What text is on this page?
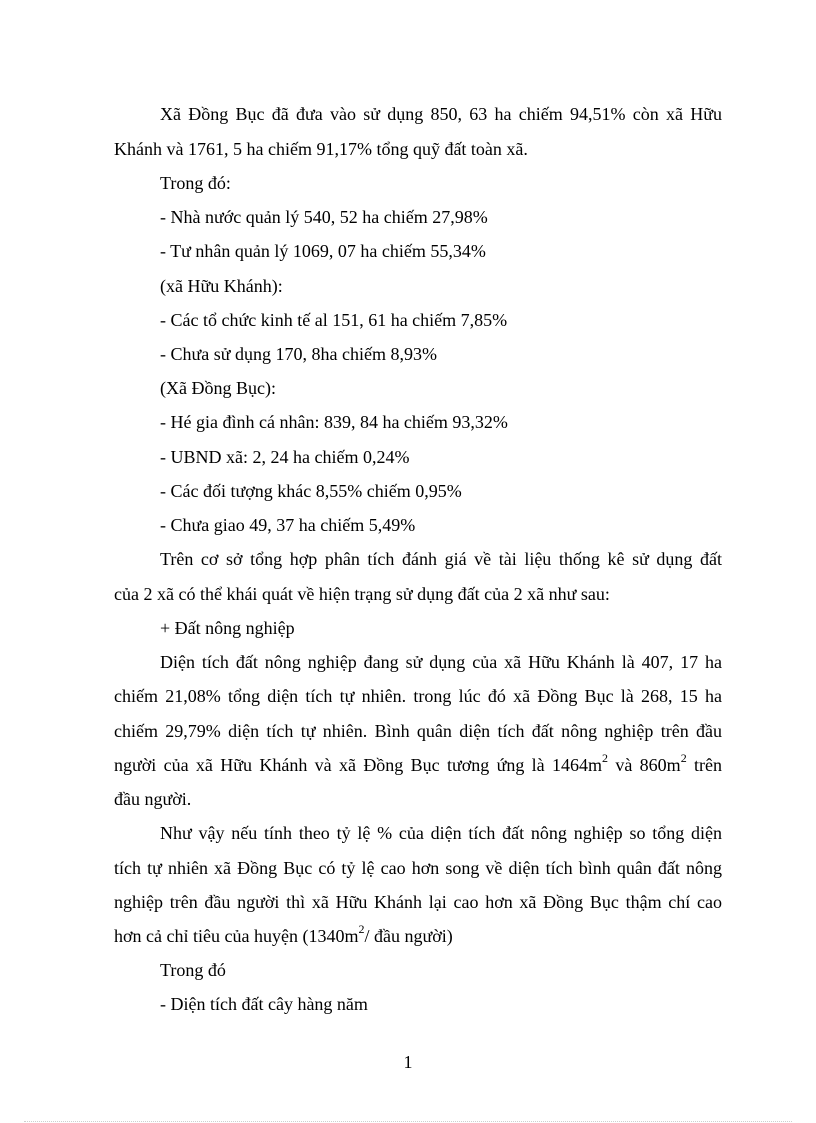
Xã Đồng Bục đã đưa vào sử dụng 850, 63 ha chiếm 94,51% còn xã Hữu
Khánh và 1761, 5 ha chiếm 91,17% tổng quỹ đất toàn xã.
Trong đó:
- Nhà nước quản lý 540, 52 ha chiếm 27,98%
- Tư nhân quản lý 1069, 07 ha chiếm 55,34%
(xã Hữu Khánh):
- Các tổ chức kinh tế al 151, 61 ha chiếm 7,85%
- Chưa sử dụng 170, 8ha chiếm 8,93%
(Xã Đồng Bục):
- Hé gia đình cá nhân: 839, 84 ha chiếm 93,32%
- UBND xã: 2, 24 ha chiếm 0,24%
- Các đối tượng khác 8,55% chiếm 0,95%
- Chưa giao 49, 37 ha chiếm 5,49%
Trên cơ sở tổng hợp phân tích đánh giá về tài liệu thống kê sử dụng đất
của 2 xã có thể khái quát về hiện trạng sử dụng đất của 2 xã như sau:
+ Đất nông nghiệp
Diện tích đất nông nghiệp đang sử dụng của xã Hữu Khánh là 407, 17 ha
chiếm 21,08% tổng diện tích tự nhiên. trong lúc đó xã Đồng Bục là 268, 15 ha
chiếm 29,79% diện tích tự nhiên. Bình quân diện tích đất nông nghiệp trên đầu
người của xã Hữu Khánh và xã Đồng Bục tương ứng là $1464m^2$ và $860m^2$ trên
đầu người.
Như vậy nếu tính theo tỷ lệ % của diện tích đất nông nghiệp so tổng diện
tích tự nhiên xã Đồng Bục có tỷ lệ cao hơn song về diện tích bình quân đất nông
nghiệp trên đầu người thì xã Hữu Khánh lại cao hơn xã Đồng Bục thậm chí cao
hơn cả chỉ tiêu của huyện ($1340m^2/$ đầu người)
Trong đó
- Diện tích đất cây hàng năm
1
